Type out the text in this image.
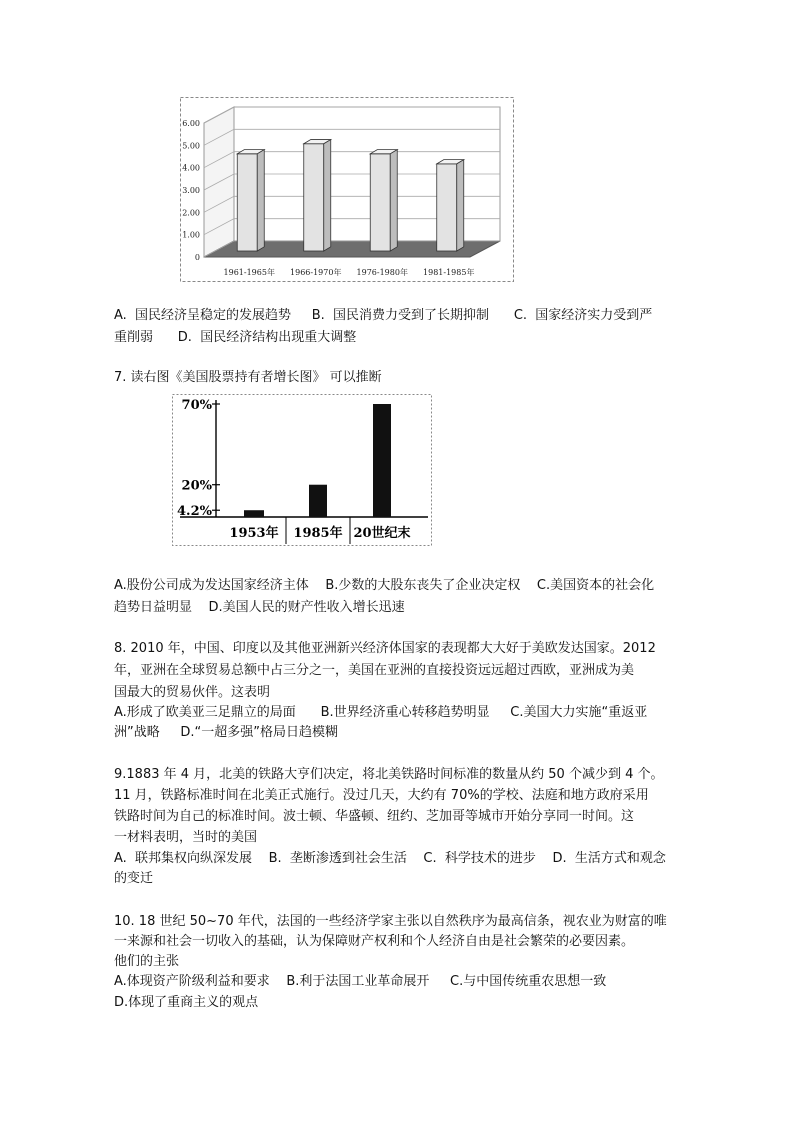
6.00
5.00
4.00
3.00
2.00
1.00
0
1961-1965年 1966-1970年 1976-1980年 1981-1985年
A.  国民经济呈稳定的发展趋势     B.  国民消费力受到了长期抑制      C.  国家经济实力受到严
重削弱      D.  国民经济结构出现重大调整
7. 读右图《美国股票持有者增长图》 可以推断
70%
20%
4.2%
1953年 1985年 20世纪末
A.股份公司成为发达国家经济主体    B.少数的大股东丧失了企业决定权    C.美国资本的社会化
趋势日益明显    D.美国人民的财产性收入增长迅速
8. 2010 年，中国、印度以及其他亚洲新兴经济体国家的表现都大大好于美欧发达国家。2012
年，亚洲在全球贸易总额中占三分之一，美国在亚洲的直接投资远远超过西欧，亚洲成为美
国最大的贸易伙伴。这表明
A.形成了欧美亚三足鼎立的局面      B.世界经济重心转移趋势明显     C.美国大力实施“重返亚
洲”战略     D.“一超多强”格局日趋模糊
9.1883 年 4 月，北美的铁路大亨们决定，将北美铁路时间标准的数量从约 50 个减少到 4 个。
11 月，铁路标准时间在北美正式施行。没过几天，大约有 70%的学校、法庭和地方政府采用
铁路时间为自己的标准时间。波士顿、华盛顿、纽约、芝加哥等城市开始分享同一时间。这
一材料表明，当时的美国
A.  联邦集权向纵深发展    B.  垄断渗透到社会生活    C.  科学技术的进步    D.  生活方式和观念
的变迁
10. 18 世纪 50~70 年代，法国的一些经济学家主张以自然秩序为最高信条，视农业为财富的唯
一来源和社会一切收入的基础，认为保障财产权利和个人经济自由是社会繁荣的必要因素。
他们的主张
A.体现资产阶级利益和要求    B.利于法国工业革命展开     C.与中国传统重农思想一致
D.体现了重商主义的观点
